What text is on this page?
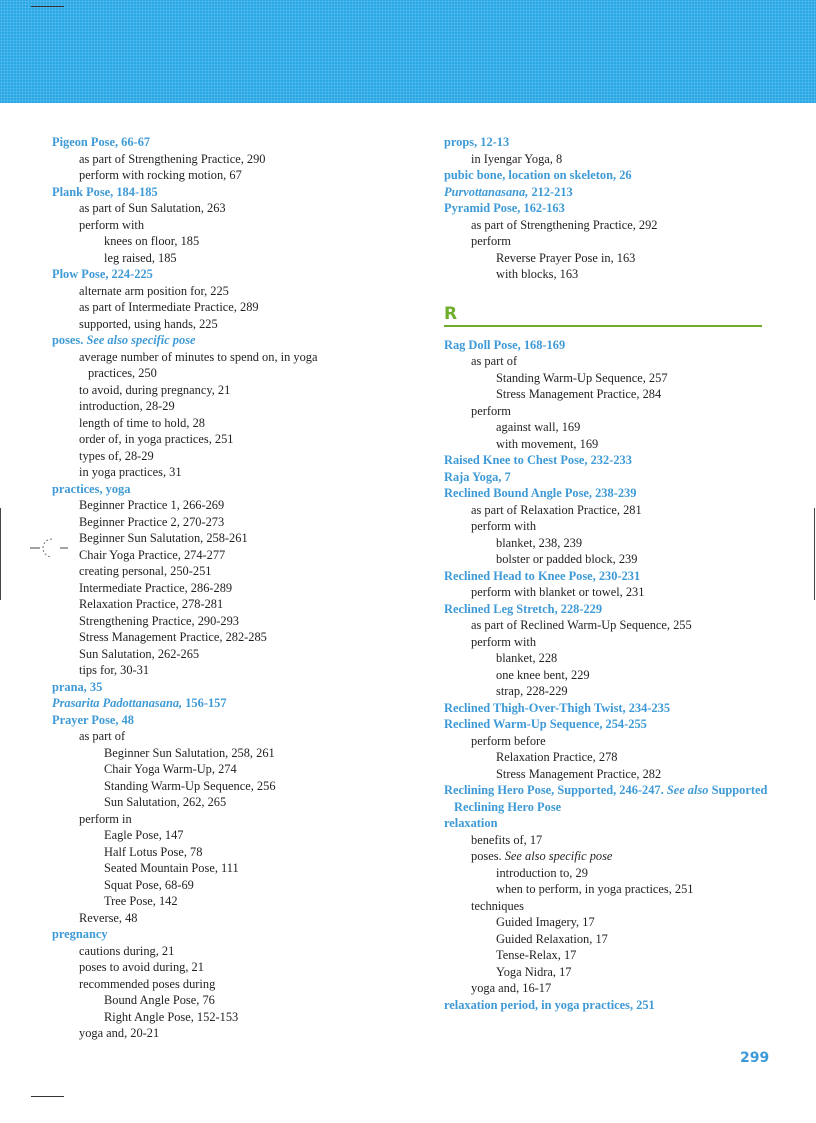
Pigeon Pose, 66-67
as part of Strengthening Practice, 290
perform with rocking motion, 67
Plank Pose, 184-185
as part of Sun Salutation, 263
perform with
knees on floor, 185
leg raised, 185
Plow Pose, 224-225
alternate arm position for, 225
as part of Intermediate Practice, 289
supported, using hands, 225
poses. See also specific pose
average number of minutes to spend on, in yoga
practices, 250
to avoid, during pregnancy, 21
introduction, 28-29
length of time to hold, 28
order of, in yoga practices, 251
types of, 28-29
in yoga practices, 31
practices, yoga
Beginner Practice 1, 266-269
Beginner Practice 2, 270-273
Beginner Sun Salutation, 258-261
Chair Yoga Practice, 274-277
creating personal, 250-251
Intermediate Practice, 286-289
Relaxation Practice, 278-281
Strengthening Practice, 290-293
Stress Management Practice, 282-285
Sun Salutation, 262-265
tips for, 30-31
prana, 35
Prasarita Padottanasana, 156-157
Prayer Pose, 48
as part of
Beginner Sun Salutation, 258, 261
Chair Yoga Warm-Up, 274
Standing Warm-Up Sequence, 256
Sun Salutation, 262, 265
perform in
Eagle Pose, 147
Half Lotus Pose, 78
Seated Mountain Pose, 111
Squat Pose, 68-69
Tree Pose, 142
Reverse, 48
pregnancy
cautions during, 21
poses to avoid during, 21
recommended poses during
Bound Angle Pose, 76
Right Angle Pose, 152-153
yoga and, 20-21
props, 12-13
in Iyengar Yoga, 8
pubic bone, location on skeleton, 26
Purvottanasana, 212-213
Pyramid Pose, 162-163
as part of Strengthening Practice, 292
perform
Reverse Prayer Pose in, 163
with blocks, 163
R
Rag Doll Pose, 168-169
as part of
Standing Warm-Up Sequence, 257
Stress Management Practice, 284
perform
against wall, 169
with movement, 169
Raised Knee to Chest Pose, 232-233
Raja Yoga, 7
Reclined Bound Angle Pose, 238-239
as part of Relaxation Practice, 281
perform with
blanket, 238, 239
bolster or padded block, 239
Reclined Head to Knee Pose, 230-231
perform with blanket or towel, 231
Reclined Leg Stretch, 228-229
as part of Reclined Warm-Up Sequence, 255
perform with
blanket, 228
one knee bent, 229
strap, 228-229
Reclined Thigh-Over-Thigh Twist, 234-235
Reclined Warm-Up Sequence, 254-255
perform before
Relaxation Practice, 278
Stress Management Practice, 282
Reclining Hero Pose, Supported, 246-247. See also Supported
Reclining Hero Pose
relaxation
benefits of, 17
poses. See also specific pose
introduction to, 29
when to perform, in yoga practices, 251
techniques
Guided Imagery, 17
Guided Relaxation, 17
Tense-Relax, 17
Yoga Nidra, 17
yoga and, 16-17
relaxation period, in yoga practices, 251
299
